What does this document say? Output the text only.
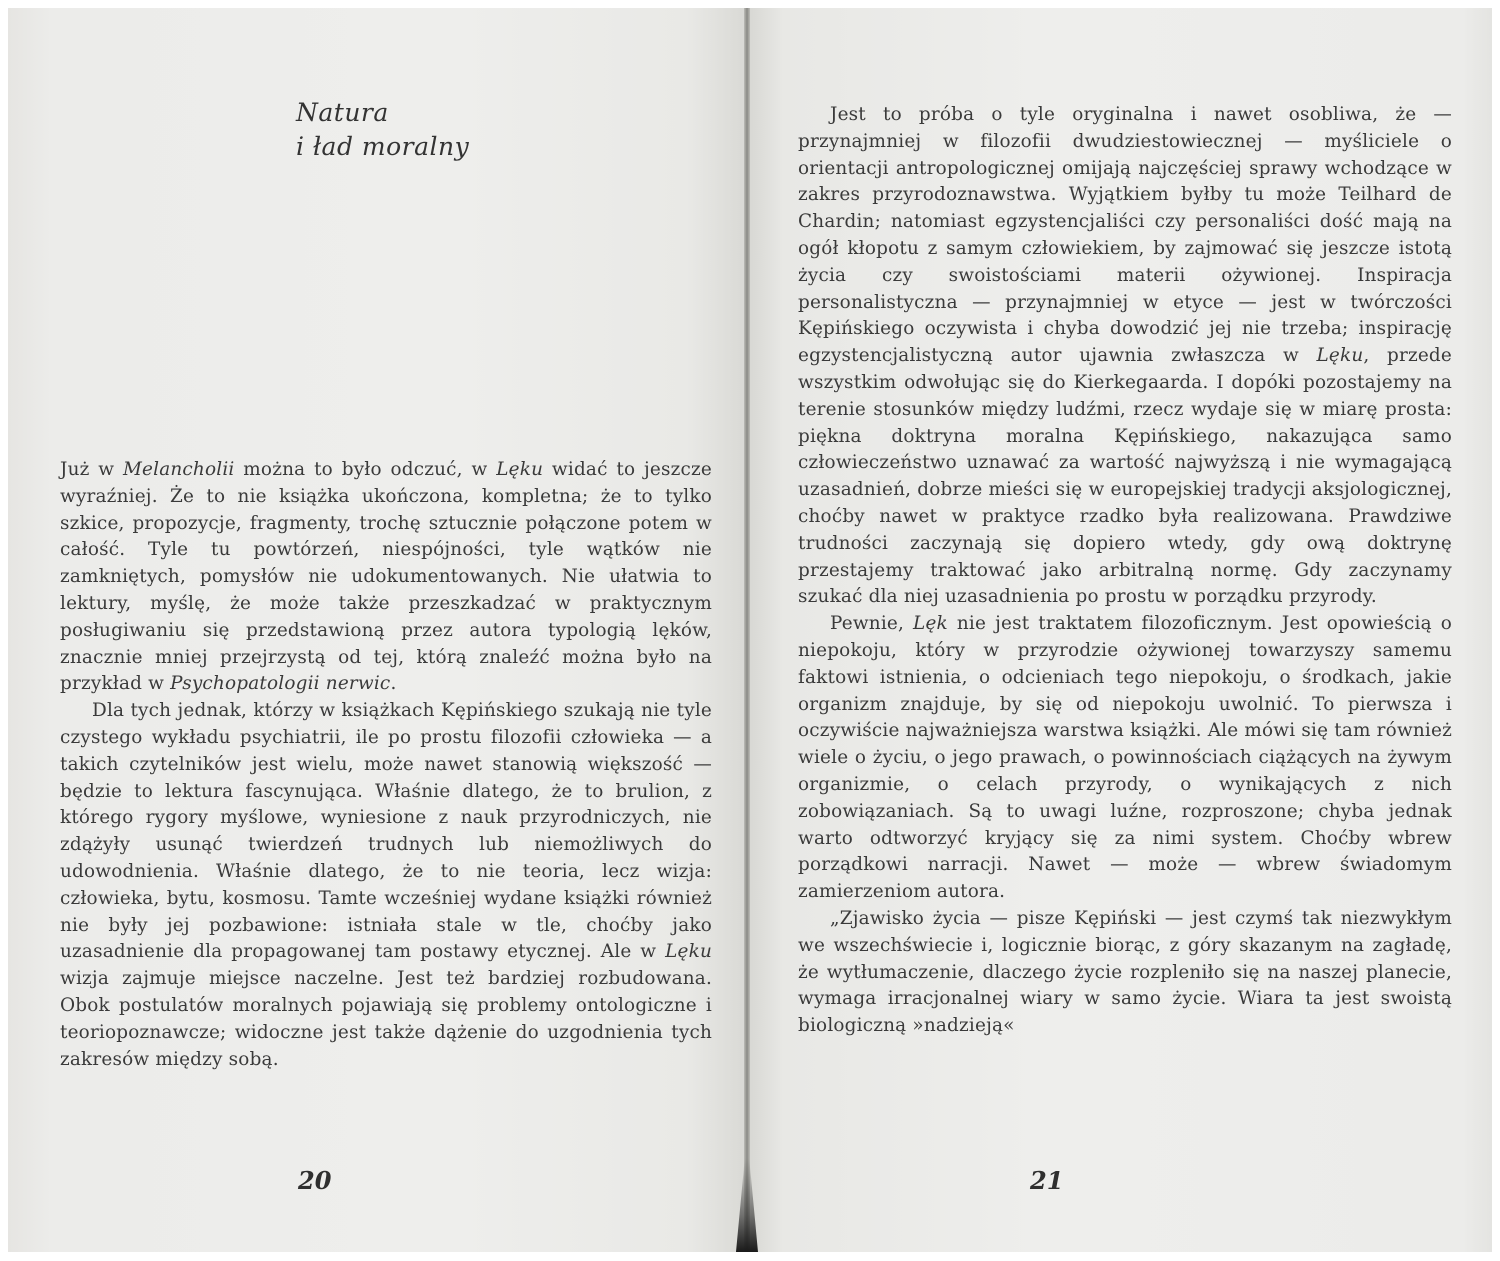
Natura
i ład moralny

Już w Melancholii można to było odczuć, w Lęku widać to jeszcze wyraźniej. Że to nie książka ukończona, kompletna; że to tylko szkice, propozycje, fragmenty, trochę sztucznie połączone potem w całość. Tyle tu powtórzeń, niespójności, tyle wątków nie zamkniętych, pomysłów nie udokumentowanych. Nie ułatwia to lektury, myślę, że może także przeszkadzać w praktycznym posługiwaniu się przedstawioną przez autora typologią lęków, znacznie mniej przejrzystą od tej, którą znaleźć można było na przykład w Psychopatologii nerwic.

Dla tych jednak, którzy w książkach Kępińskiego szukają nie tyle czystego wykładu psychiatrii, ile po prostu filozofii człowieka — a takich czytelników jest wielu, może nawet stanowią większość — będzie to lektura fascynująca. Właśnie dlatego, że to brulion, z którego rygory myślowe, wyniesione z nauk przyrodniczych, nie zdążyły usunąć twierdzeń trudnych lub niemożliwych do udowodnienia. Właśnie dlatego, że to nie teoria, lecz wizja: człowieka, bytu, kosmosu. Tamte wcześniej wydane książki również nie były jej pozbawione: istniała stale w tle, choćby jako uzasadnienie dla propagowanej tam postawy etycznej. Ale w Lęku wizja zajmuje miejsce naczelne. Jest też bardziej rozbudowana. Obok postulatów moralnych pojawiają się problemy ontologiczne i teoriopoznawcze; widoczne jest także dążenie do uzgodnienia tych zakresów między sobą.

20

Jest to próba o tyle oryginalna i nawet osobliwa, że — przynajmniej w filozofii dwudziestowiecznej — myśliciele o orientacji antropologicznej omijają najczęściej sprawy wchodzące w zakres przyrodoznawstwa. Wyjątkiem byłby tu może Teilhard de Chardin; natomiast egzystencjaliści czy personaliści dość mają na ogół kłopotu z samym człowiekiem, by zajmować się jeszcze istotą życia czy swoistościami materii ożywionej. Inspiracja personalistyczna — przynajmniej w etyce — jest w twórczości Kępińskiego oczywista i chyba dowodzić jej nie trzeba; inspirację egzystencjalistyczną autor ujawnia zwłaszcza w Lęku, przede wszystkim odwołując się do Kierkegaarda. I dopóki pozostajemy na terenie stosunków między ludźmi, rzecz wydaje się w miarę prosta: piękna doktryna moralna Kępińskiego, nakazująca samo człowieczeństwo uznawać za wartość najwyższą i nie wymagającą uzasadnień, dobrze mieści się w europejskiej tradycji aksjologicznej, choćby nawet w praktyce rzadko była realizowana. Prawdziwe trudności zaczynają się dopiero wtedy, gdy ową doktrynę przestajemy traktować jako arbitralną normę. Gdy zaczynamy szukać dla niej uzasadnienia po prostu w porządku przyrody.

Pewnie, Lęk nie jest traktatem filozoficznym. Jest opowieścią o niepokoju, który w przyrodzie ożywionej towarzyszy samemu faktowi istnienia, o odcieniach tego niepokoju, o środkach, jakie organizm znajduje, by się od niepokoju uwolnić. To pierwsza i oczywiście najważniejsza warstwa książki. Ale mówi się tam również wiele o życiu, o jego prawach, o powinnościach ciążących na żywym organizmie, o celach przyrody, o wynikających z nich zobowiązaniach. Są to uwagi luźne, rozproszone; chyba jednak warto odtworzyć kryjący się za nimi system. Choćby wbrew porządkowi narracji. Nawet — może — wbrew świadomym zamierzeniom autora.

„Zjawisko życia — pisze Kępiński — jest czymś tak niezwykłym we wszechświecie i, logicznie biorąc, z góry skazanym na zagładę, że wytłumaczenie, dlaczego życie rozpleniło się na naszej planecie, wymaga irracjonalnej wiary w samo życie. Wiara ta jest swoistą biologiczną »nadzieją«

21
